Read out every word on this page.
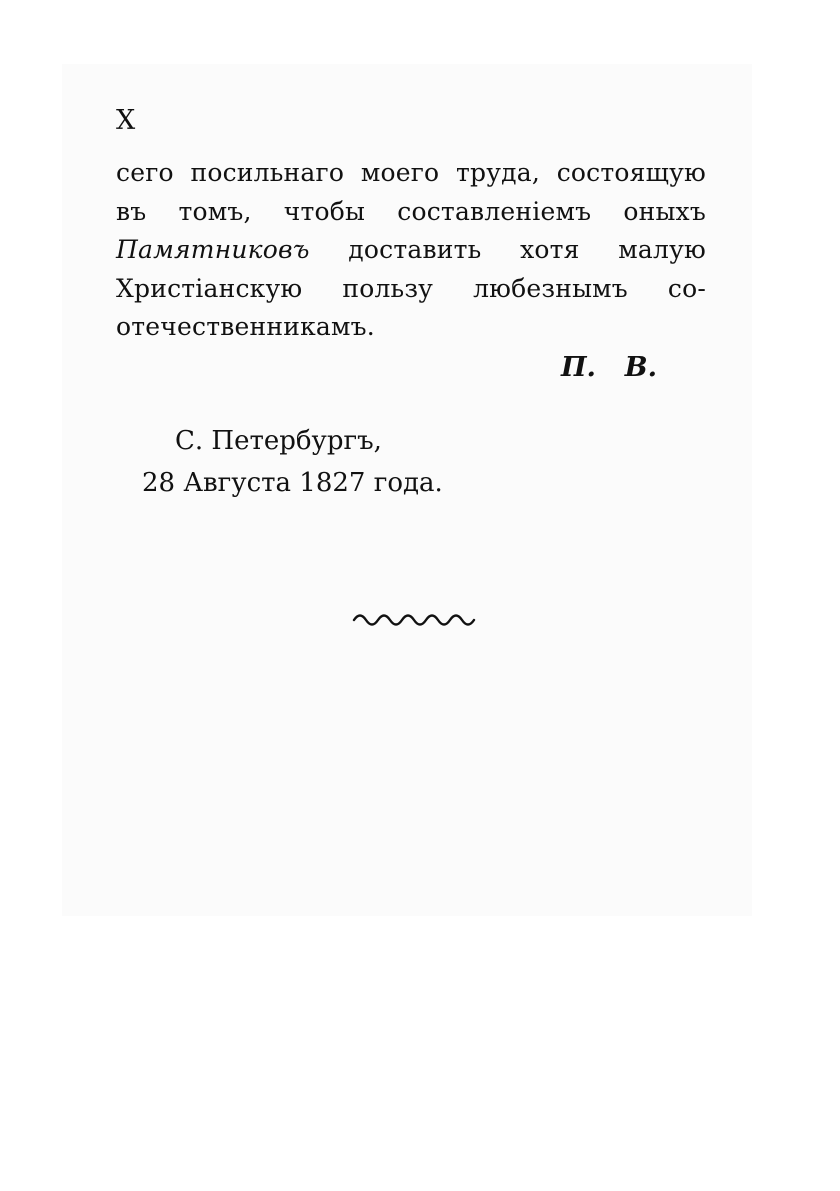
X
сего посильнаго моего труда, состоящую
въ томъ, чтобы составленіемъ оныхъ
Памятниковъ доставить хотя малую
Христіанскую пользу любезнымъ со-
отечественникамъ.
П. В.
С. Петербургъ,
28 Августа 1827 года.
